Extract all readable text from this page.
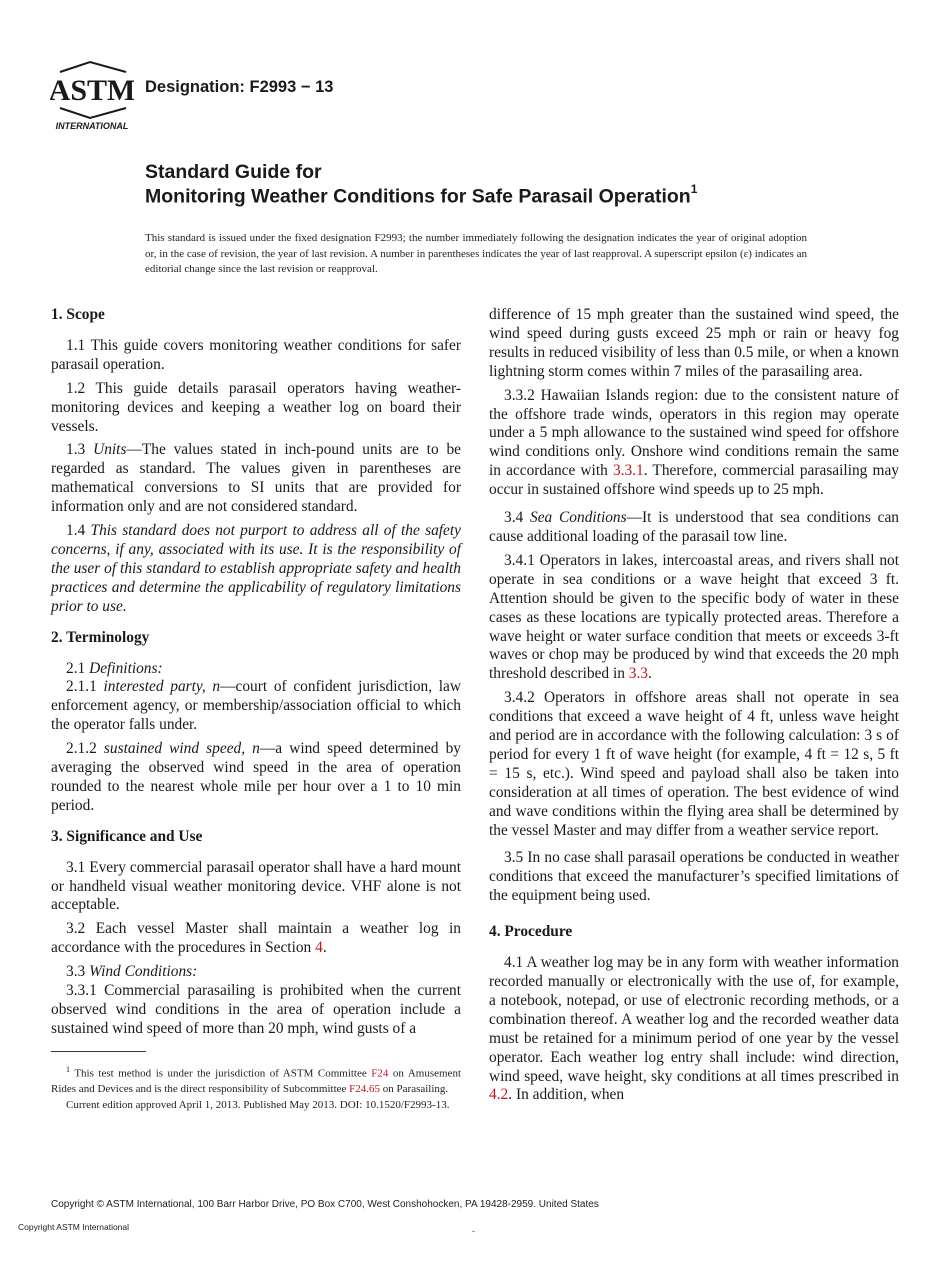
ASTM
INTERNATIONAL
Designation: F2993 − 13
Standard Guide for
Monitoring Weather Conditions for Safe Parasail Operation$^1$
This standard is issued under the fixed designation F2993; the number immediately following the designation indicates the year of original adoption or, in the case of revision, the year of last revision. A number in parentheses indicates the year of last reapproval. A superscript epsilon (ε) indicates an editorial change since the last revision or reapproval.
1. Scope

1.1 This guide covers monitoring weather conditions for safer parasail operation.

1.2 This guide details parasail operators having weather-monitoring devices and keeping a weather log on board their vessels.

1.3 Units—The values stated in inch-pound units are to be regarded as standard. The values given in parentheses are mathematical conversions to SI units that are provided for information only and are not considered standard.

1.4 This standard does not purport to address all of the safety concerns, if any, associated with its use. It is the responsibility of the user of this standard to establish appropriate safety and health practices and determine the applicability of regulatory limitations prior to use.

2. Terminology

2.1 Definitions:

2.1.1 interested party, n—court of confident jurisdiction, law enforcement agency, or membership/association official to which the operator falls under.

2.1.2 sustained wind speed, n—a wind speed determined by averaging the observed wind speed in the area of operation rounded to the nearest whole mile per hour over a 1 to 10 min period.

3. Significance and Use

3.1 Every commercial parasail operator shall have a hard mount or handheld visual weather monitoring device. VHF alone is not acceptable.

3.2 Each vessel Master shall maintain a weather log in accordance with the procedures in Section 4.

3.3 Wind Conditions:

3.3.1 Commercial parasailing is prohibited when the current observed wind conditions in the area of operation include a sustained wind speed of more than 20 mph, wind gusts of a

difference of 15 mph greater than the sustained wind speed, the wind speed during gusts exceed 25 mph or rain or heavy fog results in reduced visibility of less than 0.5 mile, or when a known lightning storm comes within 7 miles of the parasailing area.

3.3.2 Hawaiian Islands region: due to the consistent nature of the offshore trade winds, operators in this region may operate under a 5 mph allowance to the sustained wind speed for offshore wind conditions only. Onshore wind conditions remain the same in accordance with 3.3.1. Therefore, commercial parasailing may occur in sustained offshore wind speeds up to 25 mph.

3.4 Sea Conditions—It is understood that sea conditions can cause additional loading of the parasail tow line.

3.4.1 Operators in lakes, intercoastal areas, and rivers shall not operate in sea conditions or a wave height that exceed 3 ft. Attention should be given to the specific body of water in these cases as these locations are typically protected areas. Therefore a wave height or water surface condition that meets or exceeds 3-ft waves or chop may be produced by wind that exceeds the 20 mph threshold described in 3.3.

3.4.2 Operators in offshore areas shall not operate in sea conditions that exceed a wave height of 4 ft, unless wave height and period are in accordance with the following calculation: 3 s of period for every 1 ft of wave height (for example, 4 ft = 12 s, 5 ft = 15 s, etc.). Wind speed and payload shall also be taken into consideration at all times of operation. The best evidence of wind and wave conditions within the flying area shall be determined by the vessel Master and may differ from a weather service report.

3.5 In no case shall parasail operations be conducted in weather conditions that exceed the manufacturer’s specified limitations of the equipment being used.

4. Procedure

4.1 A weather log may be in any form with weather information recorded manually or electronically with the use of, for example, a notebook, notepad, or use of electronic recording methods, or a combination thereof. A weather log and the recorded weather data must be retained for a minimum period of one year by the vessel operator. Each weather log entry shall include: wind direction, wind speed, wave height, sky conditions at all times prescribed in 4.2. In addition, when

$^1$ This test method is under the jurisdiction of ASTM Committee F24 on Amusement Rides and Devices and is the direct responsibility of Subcommittee F24.65 on Parasailing.

Current edition approved April 1, 2013. Published May 2013. DOI: 10.1520/F2993-13.

Copyright © ASTM International, 100 Barr Harbor Drive, PO Box C700, West Conshohocken, PA 19428-2959. United States
Copyright ASTM International	-
